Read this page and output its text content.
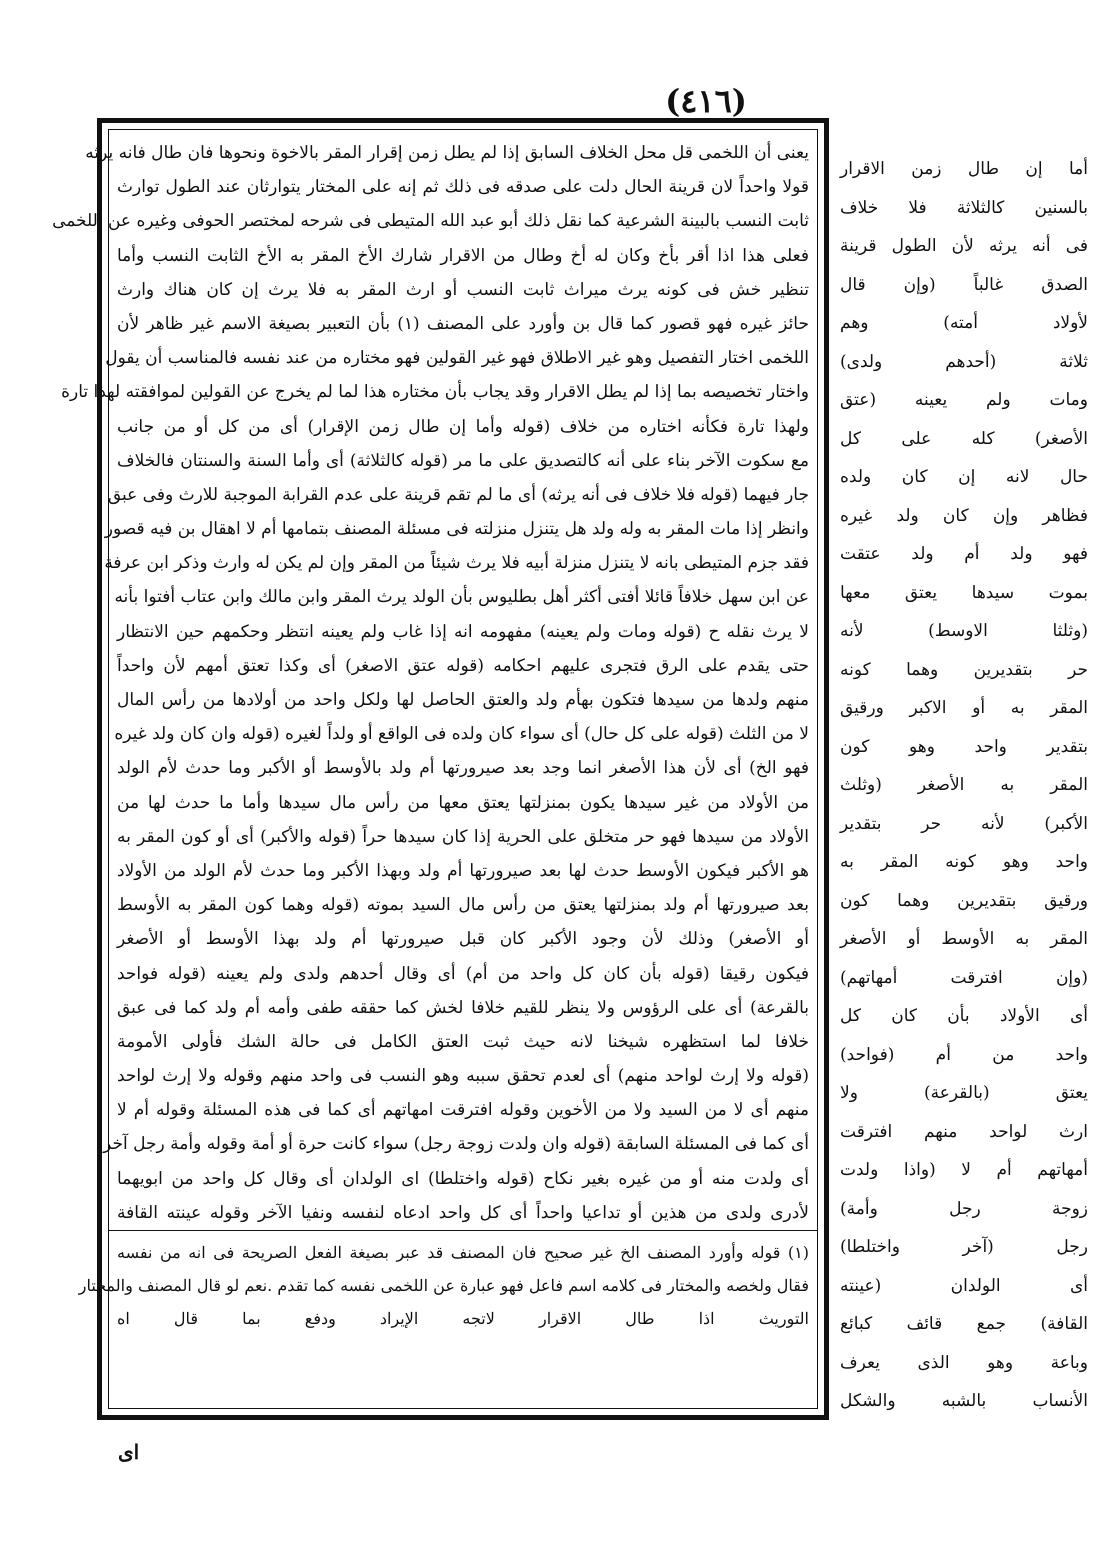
(٤١٦)
يعنى أن اللخمى قل محل الخلاف السابق إذا لم يطل زمن إقرار المقر بالاخوة ونحوها فان طال فانه يرثه
قولا واحداً لان قرينة الحال دلت على صدقه فى ذلك ثم إنه على المختار يتوارثان عند الطول توارث
ثابت النسب بالبينة الشرعية كما نقل ذلك أبو عبد الله المتيطى فى شرحه لمختصر الحوفى وغيره عن اللخمى
فعلى هذا اذا أقر بأخ وكان له أخ وطال من الاقرار شارك الأخ المقر به الأخ الثابت النسب وأما
تنظير خش فى كونه يرث ميراث ثابت النسب أو ارث المقر به فلا يرث إن كان هناك وارث
حائز غيره فهو قصور كما قال بن وأورد على المصنف (١) بأن التعبير بصيغة الاسم غير ظاهر لأن
اللخمى اختار التفصيل وهو غير الاطلاق فهو غير القولين فهو مختاره من عند نفسه فالمناسب أن يقول
واختار تخصيصه بما إذا لم يطل الاقرار وقد يجاب بأن مختاره هذا لما لم يخرج عن القولين لموافقته لهذا تارة
ولهذا تارة فكأنه اختاره من خلاف (قوله وأما إن طال زمن الإقرار) أى من كل أو من جانب
مع سكوت الآخر بناء على أنه كالتصديق على ما مر (قوله كالثلاثة) أى وأما السنة والسنتان فالخلاف
جار فيهما (قوله فلا خلاف فى أنه يرثه) أى ما لم تقم قرينة على عدم القرابة الموجبة للارث وفى عبق
وانظر إذا مات المقر به وله ولد هل يتنزل منزلته فى مسئلة المصنف بتمامها أم لا اهقال بن فيه قصور
فقد جزم المتيطى بانه لا يتنزل منزلة أبيه فلا يرث شيئاً من المقر وإن لم يكن له وارث وذكر ابن عرفة
عن ابن سهل خلافاً قائلا أفتى أكثر أهل بطليوس بأن الولد يرث المقر وابن مالك وابن عتاب أفتوا بأنه
لا يرث نقله ح (قوله ومات ولم يعينه) مفهومه انه إذا غاب ولم يعينه انتظر وحكمهم حين الانتظار
حتى يقدم على الرق فتجرى عليهم احكامه (قوله عتق الاصغر) أى وكذا تعتق أمهم لأن واحداً
منهم ولدها من سيدها فتكون بهأم ولد والعتق الحاصل لها ولكل واحد من أولادها من رأس المال
لا من الثلث (قوله على كل حال) أى سواء كان ولده فى الواقع أو ولداً لغيره (قوله وان كان ولد غيره
فهو الخ) أى لأن هذا الأصغر انما وجد بعد صيرورتها أم ولد بالأوسط أو الأكبر وما حدث لأم الولد
من الأولاد من غير سيدها يكون بمنزلتها يعتق معها من رأس مال سيدها وأما ما حدث لها من
الأولاد من سيدها فهو حر متخلق على الحرية إذا كان سيدها حراً (قوله والأكبر) أى أو كون المقر به
هو الأكبر فيكون الأوسط حدث لها بعد صيرورتها أم ولد وبهذا الأكبر وما حدث لأم الولد من الأولاد
بعد صيرورتها أم ولد بمنزلتها يعتق من رأس مال السيد بموته (قوله وهما كون المقر به الأوسط
أو الأصغر) وذلك لأن وجود الأكبر كان قبل صيرورتها أم ولد بهذا الأوسط أو الأصغر
فيكون رقيقا (قوله بأن كان كل واحد من أم) أى وقال أحدهم ولدى ولم يعينه (قوله فواحد
بالقرعة) أى على الرؤوس ولا ينظر للقيم خلافا لخش كما حققه طفى وأمه أم ولد كما فى عبق
خلافا لما استظهره شيخنا لانه حيث ثبت العتق الكامل فى حالة الشك فأولى الأمومة
(قوله ولا إرث لواحد منهم) أى لعدم تحقق سببه وهو النسب فى واحد منهم وقوله ولا إرث لواحد
منهم أى لا من السيد ولا من الأخوين وقوله افترقت امهاتهم أى كما فى هذه المسئلة وقوله أم لا
أى كما فى المسئلة السابقة (قوله وان ولدت زوجة رجل) سواء كانت حرة أو أمة وقوله وأمة رجل آخر
أى ولدت منه أو من غيره بغير نكاح (قوله واختلطا) اى الولدان أى وقال كل واحد من ابويهما
لأدرى ولدى من هذين أو تداعيا واحداً أى كل واحد ادعاه لنفسه ونفيا الآخر وقوله عينته القافة
(١) قوله وأورد المصنف الخ غير صحيح فان المصنف قد عبر بصيغة الفعل الصريحة فى انه من نفسه
فقال ولخصه والمختار فى كلامه اسم فاعل فهو عبارة عن اللخمى نفسه كما تقدم .نعم لو قال المصنف والمختار
التوريث اذا طال الاقرار لاتجه الإيراد ودفع بما قال اه
أما إن طال زمن الاقرار
بالسنين كالثلاثة فلا خلاف
فى أنه يرثه لأن الطول قرينة
الصدق غالباً (وإن قال
لأولاد أمته) وهم
ثلاثة (أحدهم ولدى)
ومات ولم يعينه (عتق
الأصغر) كله على كل
حال لانه إن كان ولده
فظاهر وإن كان ولد غيره
فهو ولد أم ولد عتقت
بموت سيدها يعتق معها
(وثلثا الاوسط) لأنه
حر بتقديرين وهما كونه
المقر به أو الاكبر ورقيق
بتقدير واحد وهو كون
المقر به الأصغر (وثلث
الأكبر) لأنه حر بتقدير
واحد وهو كونه المقر به
ورقيق بتقديرين وهما كون
المقر به الأوسط أو الأصغر
(وإن افترقت أمهاتهم)
أى الأولاد بأن كان كل
واحد من أم (فواحد)
يعتق (بالقرعة) ولا
ارث لواحد منهم افترقت
أمهاتهم أم لا (واذا ولدت
زوجة رجل وأمة)
رجل (آخر واختلطا)
أى الولدان (عينته
القافة) جمع قائف كبائع
وباعة وهو الذى يعرف
الأنساب بالشبه والشكل
اى
